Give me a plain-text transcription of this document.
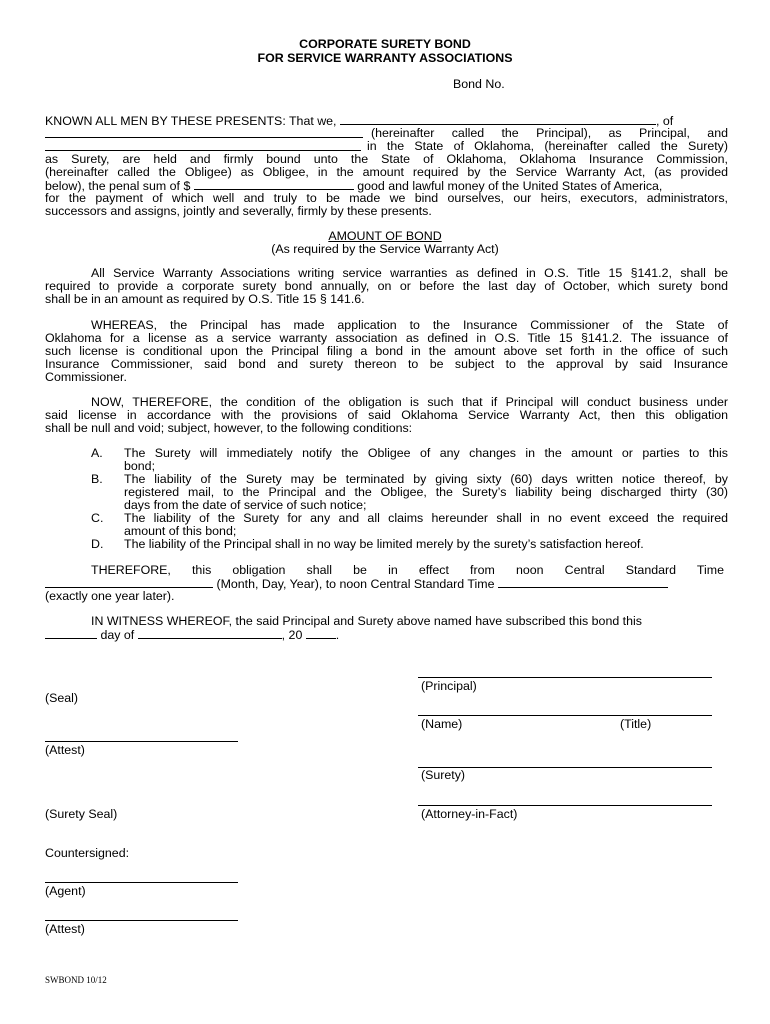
CORPORATE SURETY BOND
FOR SERVICE WARRANTY ASSOCIATIONS
Bond No.
KNOWN ALL MEN BY THESE PRESENTS: That we,	, of
(hereinafter called the Principal), as Principal, and
in the State of Oklahoma, (hereinafter called the Surety)
as Surety, are held and firmly bound unto the State of Oklahoma, Oklahoma Insurance Commission,
(hereinafter called the Obligee) as Obligee, in the amount required by the Service Warranty Act, (as provided
below), the penal sum of $	good and lawful money of the United States of America,
for the payment of which well and truly to be made we bind ourselves, our heirs, executors, administrators,
successors and assigns, jointly and severally, firmly by these presents.
AMOUNT OF BOND
(As required by the Service Warranty Act)
All Service Warranty Associations writing service warranties as defined in O.S. Title 15 §141.2, shall be
required to provide a corporate surety bond annually, on or before the last day of October, which surety bond
shall be in an amount as required by O.S. Title 15 § 141.6.
WHEREAS, the Principal has made application to the Insurance Commissioner of the State of
Oklahoma for a license as a service warranty association as defined in O.S. Title 15 §141.2. The issuance of
such license is conditional upon the Principal filing a bond in the amount above set forth in the office of such
Insurance Commissioner, said bond and surety thereon to be subject to the approval by said Insurance
Commissioner.
NOW, THEREFORE, the condition of the obligation is such that if Principal will conduct business under
said license in accordance with the provisions of said Oklahoma Service Warranty Act, then this obligation
shall be null and void; subject, however, to the following conditions:
A. The Surety will immediately notify the Obligee of any changes in the amount or parties to this
bond;
B. The liability of the Surety may be terminated by giving sixty (60) days written notice thereof, by
registered mail, to the Principal and the Obligee, the Surety’s liability being discharged thirty (30)
days from the date of service of such notice;
C. The liability of the Surety for any and all claims hereunder shall in no event exceed the required
amount of this bond;
D. The liability of the Principal shall in no way be limited merely by the surety’s satisfaction hereof.
THEREFORE, this obligation shall be in effect from noon Central Standard Time
(Month, Day, Year), to noon Central Standard Time
(exactly one year later).
IN WITNESS WHEREOF, the said Principal and Surety above named have subscribed this bond this
day of	, 20	.
(Principal)
(Seal)
(Name)	(Title)
(Attest)
(Surety)
(Surety Seal)	(Attorney-in-Fact)
Countersigned:
(Agent)
(Attest)
SWBOND 10/12
